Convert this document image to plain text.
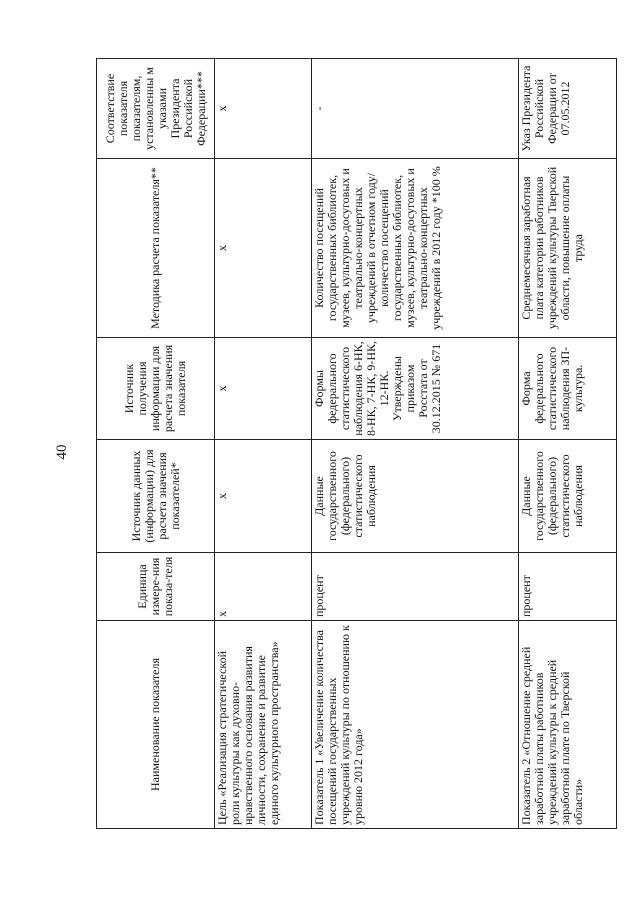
40
Наименование показателя	Единица измере-ния показа-теля	Источник данных (информации) для расчета значения показателей*	Источник получения информации для расчета значения показателя	Методика расчета показателя**	Соответствие показателя показателям, установленны м указами Президента Российской Федерации***
Цель «Реализация стратегической роли культуры как духовно-нравственного основания развития личности, сохранение и развитие единого культурного пространства»	х	х	х	х	х
Показатель 1 «Увеличение количества посещений государственных учреждений культуры по отношению к уровню 2012 года»	процент	Данные государственного (федерального) статистического наблюдения	Формы федерального статистического наблюдения 6-НК, 8-НК, 7-НК, 9-НК, 12-НК. Утверждены приказом Росстата от 30.12.2015 № 671	Количество посещений государственных библиотек, музеев, культурно-досуговых и театрально-концертных учреждений в отчетном году/ количество посещений государственных библиотек, музеев, культурно-досуговых и театрально-концертных учреждений в 2012 году *100 %	-
Показатель 2 «Отношение средней заработной платы работников учреждений культуры к средней заработной плате по Тверской области»	процент	Данные государственного (федерального) статистического наблюдения	Форма федерального статистического наблюдения ЗП-культура.	Среднемесячная заработная плата категории работников учреждений культуры Тверской области, повышение оплаты труда	Указ Президента Российской Федерации от 07.05.2012
